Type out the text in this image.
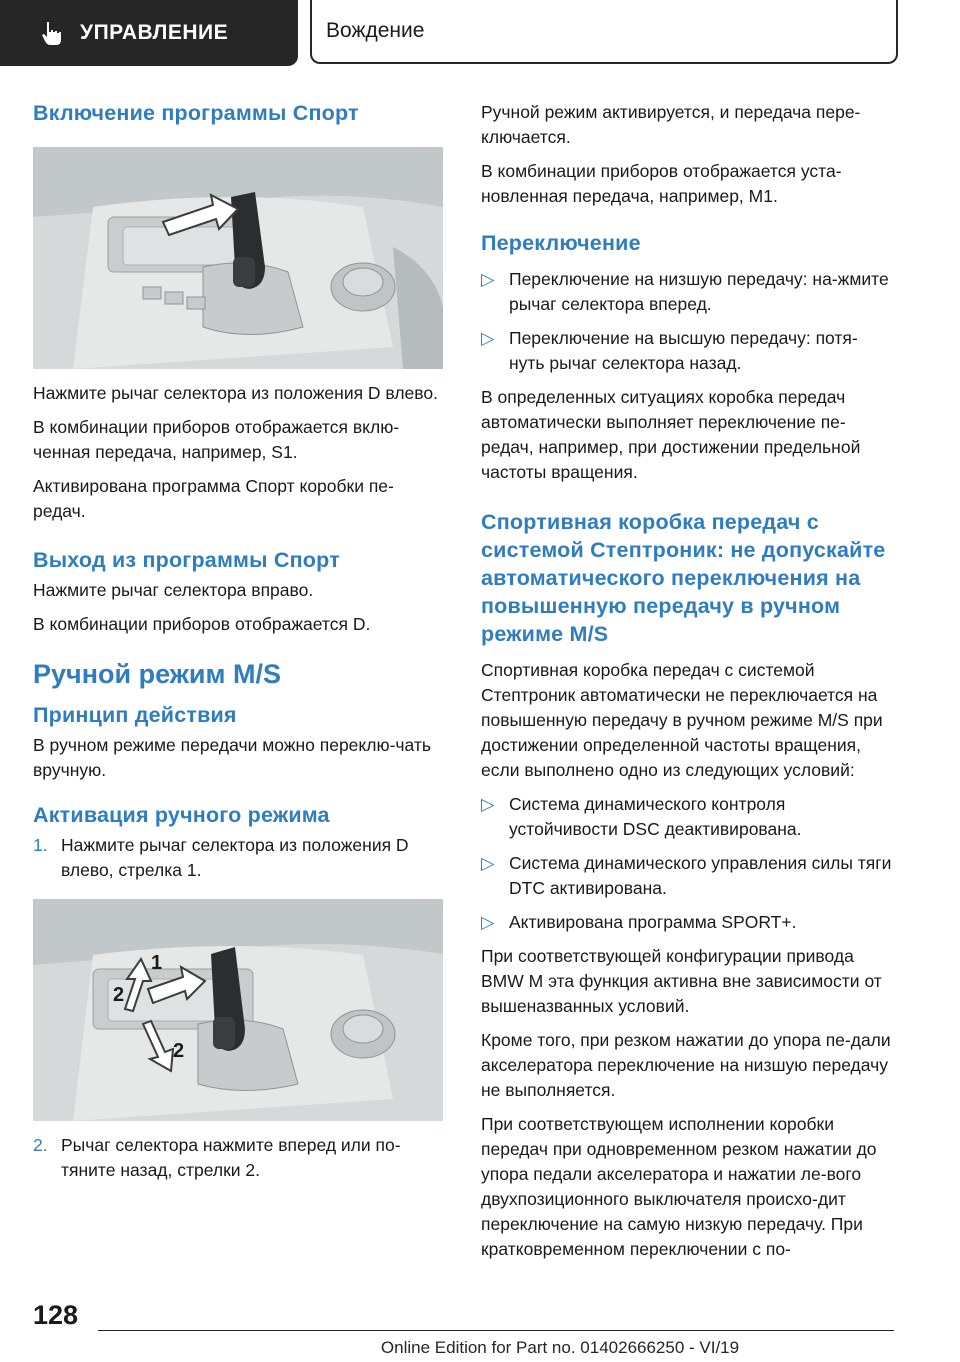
УПРАВЛЕНИЕ	Вождение
Включение программы Спорт

Нажмите рычаг селектора из положения D влево.

В комбинации приборов отображается вклю-ченная передача, например, S1.

Активирована программа Спорт коробки пе-редач.

Выход из программы Спорт

Нажмите рычаг селектора вправо.

В комбинации приборов отображается D.

Ручной режим M/S
Принцип действия

В ручном режиме передачи можно переклю-чать вручную.

Активация ручного режима
1. Нажмите рычаг селектора из положения D влево, стрелка 1.
1
2
2
2. Рычаг селектора нажмите вперед или по-тяните назад, стрелки 2.

Ручной режим активируется, и передача пере-ключается.

В комбинации приборов отображается уста-новленная передача, например, M1.

Переключение
▷ Переключение на низшую передачу: на-жмите рычаг селектора вперед.
▷ Переключение на высшую передачу: потя-нуть рычаг селектора назад.

В определенных ситуациях коробка передач автоматически выполняет переключение пе-редач, например, при достижении предельной частоты вращения.

Спортивная коробка передач с системой Стептроник: не допускайте автоматического переключения на повышенную передачу в ручном режиме M/S

Спортивная коробка передач с системой Стептроник автоматически не переключается на повышенную передачу в ручном режиме M/S при достижении определенной частоты вращения, если выполнено одно из следующих условий:

▷ Система динамического контроля устойчивости DSC деактивирована.
▷ Система динамического управления силы тяги DTC активирована.
▷ Активирована программа SPORT+.

При соответствующей конфигурации привода BMW M эта функция активна вне зависимости от вышеназванных условий.

Кроме того, при резком нажатии до упора пе-дали акселератора переключение на низшую передачу не выполняется.

При соответствующем исполнении коробки передач при одновременном резком нажатии до упора педали акселератора и нажатии ле-вого двухпозиционного выключателя происхо-дит переключение на самую низкую передачу. При кратковременном переключении с по-

128
Online Edition for Part no. 01402666250 - VI/19
